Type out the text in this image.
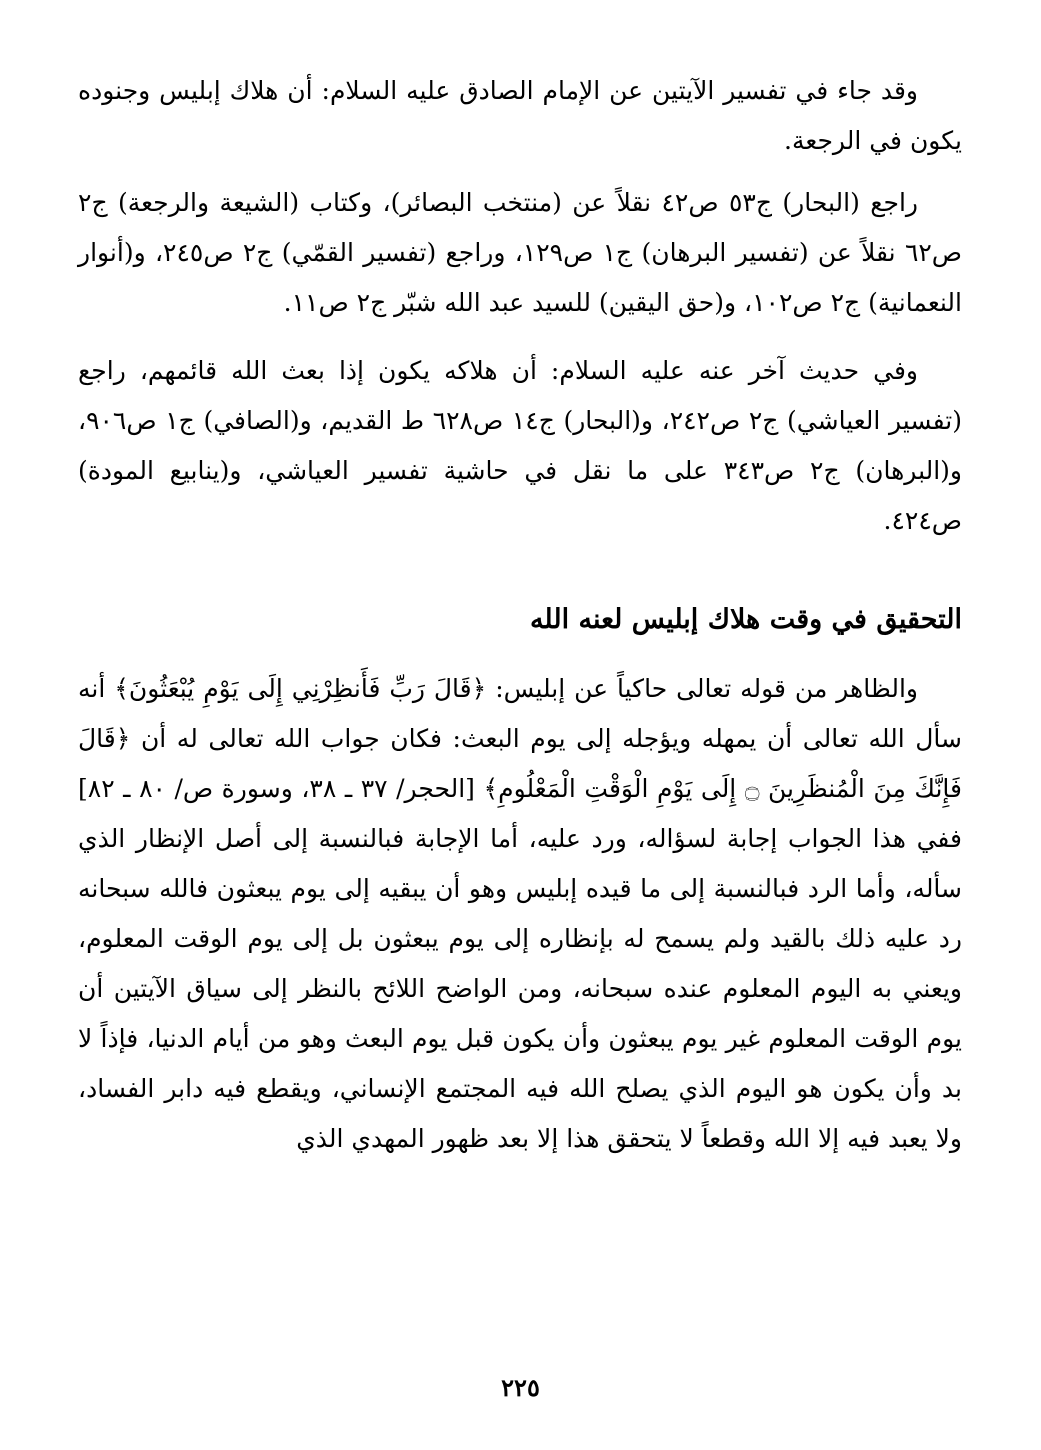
وقد جاء في تفسير الآيتين عن الإمام الصادق عليه السلام: أن هلاك إبليس وجنوده يكون في الرجعة.

راجع (البحار) ج٥٣ ص٤٢ نقلاً عن (منتخب البصائر)، وكتاب (الشيعة والرجعة) ج٢ ص٦٢ نقلاً عن (تفسير البرهان) ج١ ص١٢٩، وراجع (تفسير القمّي) ج٢ ص٢٤٥، و(أنوار النعمانية) ج٢ ص١٠٢، و(حق اليقين) للسيد عبد الله شبّر ج٢ ص١١.

وفي حديث آخر عنه عليه السلام: أن هلاكه يكون إذا بعث الله قائمهم، راجع (تفسير العياشي) ج٢ ص٢٤٢، و(البحار) ج١٤ ص٦٢٨ ط القديم، و(الصافي) ج١ ص٩٠٦، و(البرهان) ج٢ ص٣٤٣ على ما نقل في حاشية تفسير العياشي، و(ينابيع المودة) ص٤٢٤.

التحقيق في وقت هلاك إبليس لعنه الله

والظاهر من قوله تعالى حاكياً عن إبليس: ﴿قَالَ رَبِّ فَأَنظِرْنِي إِلَى يَوْمِ يُبْعَثُونَ﴾ أنه سأل الله تعالى أن يمهله ويؤجله إلى يوم البعث: فكان جواب الله تعالى له أن ﴿قَالَ فَإِنَّكَ مِنَ الْمُنظَرِينَ ۝ إِلَى يَوْمِ الْوَقْتِ الْمَعْلُومِ﴾ [الحجر/ ٣٧ ـ ٣٨، وسورة ص/ ٨٠ ـ ٨٢] ففي هذا الجواب إجابة لسؤاله، ورد عليه، أما الإجابة فبالنسبة إلى أصل الإنظار الذي سأله، وأما الرد فبالنسبة إلى ما قيده إبليس وهو أن يبقيه إلى يوم يبعثون فالله سبحانه رد عليه ذلك بالقيد ولم يسمح له بإنظاره إلى يوم يبعثون بل إلى يوم الوقت المعلوم، ويعني به اليوم المعلوم عنده سبحانه، ومن الواضح اللائح بالنظر إلى سياق الآيتين أن يوم الوقت المعلوم غير يوم يبعثون وأن يكون قبل يوم البعث وهو من أيام الدنيا، فإذاً لا بد وأن يكون هو اليوم الذي يصلح الله فيه المجتمع الإنساني، ويقطع فيه دابر الفساد، ولا يعبد فيه إلا الله وقطعاً لا يتحقق هذا إلا بعد ظهور المهدي الذي

٢٢٥
